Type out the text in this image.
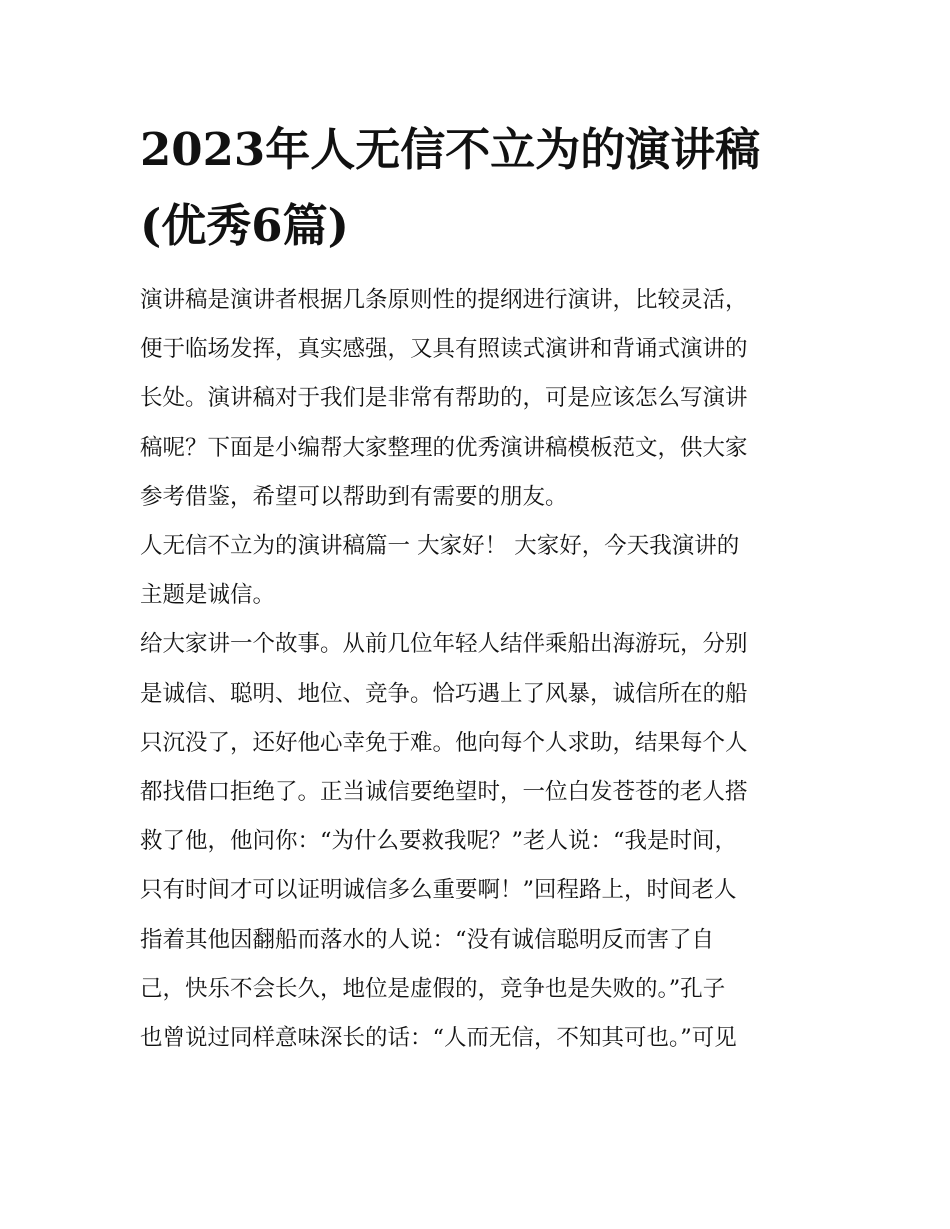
2023年人无信不立为的演讲稿
(优秀6篇)

演讲稿是演讲者根据几条原则性的提纲进行演讲，比较灵活，
便于临场发挥，真实感强，又具有照读式演讲和背诵式演讲的
长处。演讲稿对于我们是非常有帮助的，可是应该怎么写演讲
稿呢？下面是小编帮大家整理的优秀演讲稿模板范文，供大家
参考借鉴，希望可以帮助到有需要的朋友。

人无信不立为的演讲稿篇一 大家好！ 大家好，今天我演讲的
主题是诚信。

给大家讲一个故事。从前几位年轻人结伴乘船出海游玩，分别
是诚信、聪明、地位、竞争。恰巧遇上了风暴，诚信所在的船
只沉没了，还好他心幸免于难。他向每个人求助，结果每个人
都找借口拒绝了。正当诚信要绝望时，一位白发苍苍的老人搭
救了他，他问你：“为什么要救我呢？”老人说：“我是时间，
只有时间才可以证明诚信多么重要啊！”回程路上，时间老人
指着其他因翻船而落水的人说：“没有诚信聪明反而害了自
己，快乐不会长久，地位是虚假的，竞争也是失败的。”孔子
也曾说过同样意味深长的话：“人而无信，不知其可也。”可见
